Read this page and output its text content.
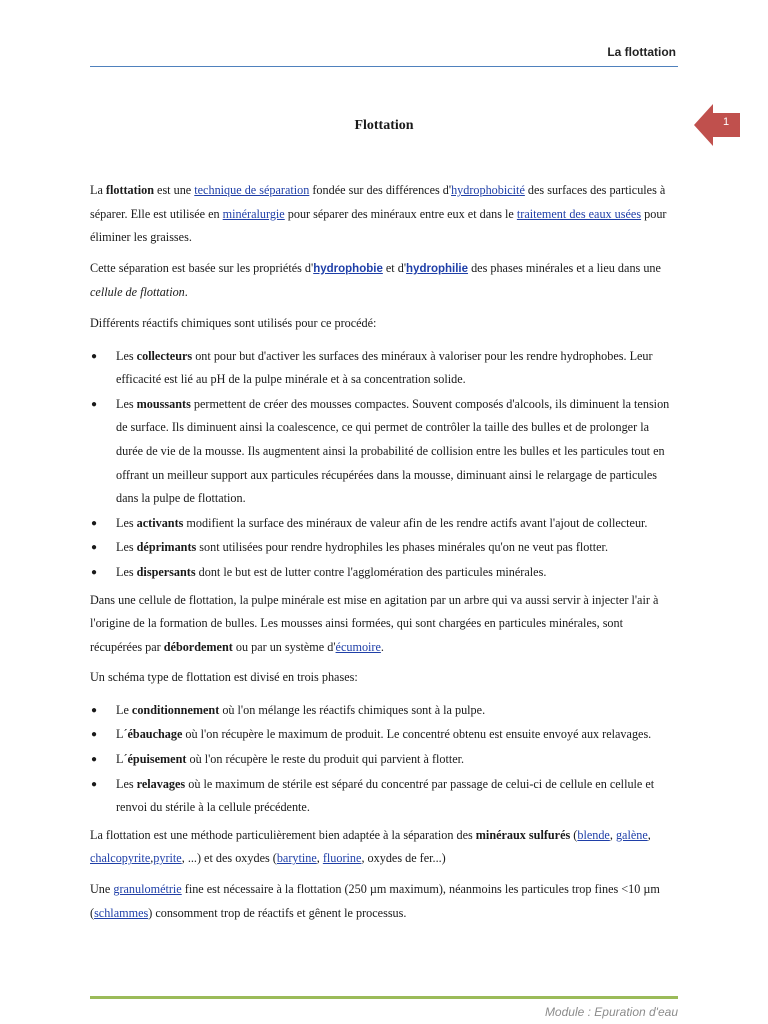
La flottation
1
Flottation

La flottation est une technique de séparation fondée sur des différences d'hydrophobicité des surfaces des particules à séparer. Elle est utilisée en minéralurgie pour séparer des minéraux entre eux et dans le traitement des eaux usées pour éliminer les graisses.

Cette séparation est basée sur les propriétés d'hydrophobie et d'hydrophilie des phases minérales et a lieu dans une cellule de flottation.

Différents réactifs chimiques sont utilisés pour ce procédé:

● Les collecteurs ont pour but d'activer les surfaces des minéraux à valoriser pour les rendre hydrophobes. Leur efficacité est lié au pH de la pulpe minérale et à sa concentration solide.
● Les moussants permettent de créer des mousses compactes. Souvent composés d'alcools, ils diminuent la tension de surface. Ils diminuent ainsi la coalescence, ce qui permet de contrôler la taille des bulles et de prolonger la durée de vie de la mousse. Ils augmentent ainsi la probabilité de collision entre les bulles et les particules tout en offrant un meilleur support aux particules récupérées dans la mousse, diminuant ainsi le relargage de particules dans la pulpe de flottation.
● Les activants modifient la surface des minéraux de valeur afin de les rendre actifs avant l'ajout de collecteur.
● Les déprimants sont utilisées pour rendre hydrophiles les phases minérales qu'on ne veut pas flotter.
● Les dispersants dont le but est de lutter contre l'agglomération des particules minérales.

Dans une cellule de flottation, la pulpe minérale est mise en agitation par un arbre qui va aussi servir à injecter l'air à l'origine de la formation de bulles. Les mousses ainsi formées, qui sont chargées en particules minérales, sont récupérées par débordement ou par un système d'écumoire.

Un schéma type de flottation est divisé en trois phases:

● Le conditionnement où l'on mélange les réactifs chimiques sont à la pulpe.
● L´ébauchage où l'on récupère le maximum de produit. Le concentré obtenu est ensuite envoyé aux relavages.
● L´épuisement où l'on récupère le reste du produit qui parvient à flotter.
● Les relavages où le maximum de stérile est séparé du concentré par passage de celui-ci de cellule en cellule et renvoi du stérile à la cellule précédente.

La flottation est une méthode particulièrement bien adaptée à la séparation des minéraux sulfurés (blende, galène, chalcopyrite,pyrite, ...) et des oxydes (barytine, fluorine, oxydes de fer...)

Une granulométrie fine est nécessaire à la flottation (250 µm maximum), néanmoins les particules trop fines <10 µm (schlammes) consomment trop de réactifs et gênent le processus.

Module : Epuration d'eau
